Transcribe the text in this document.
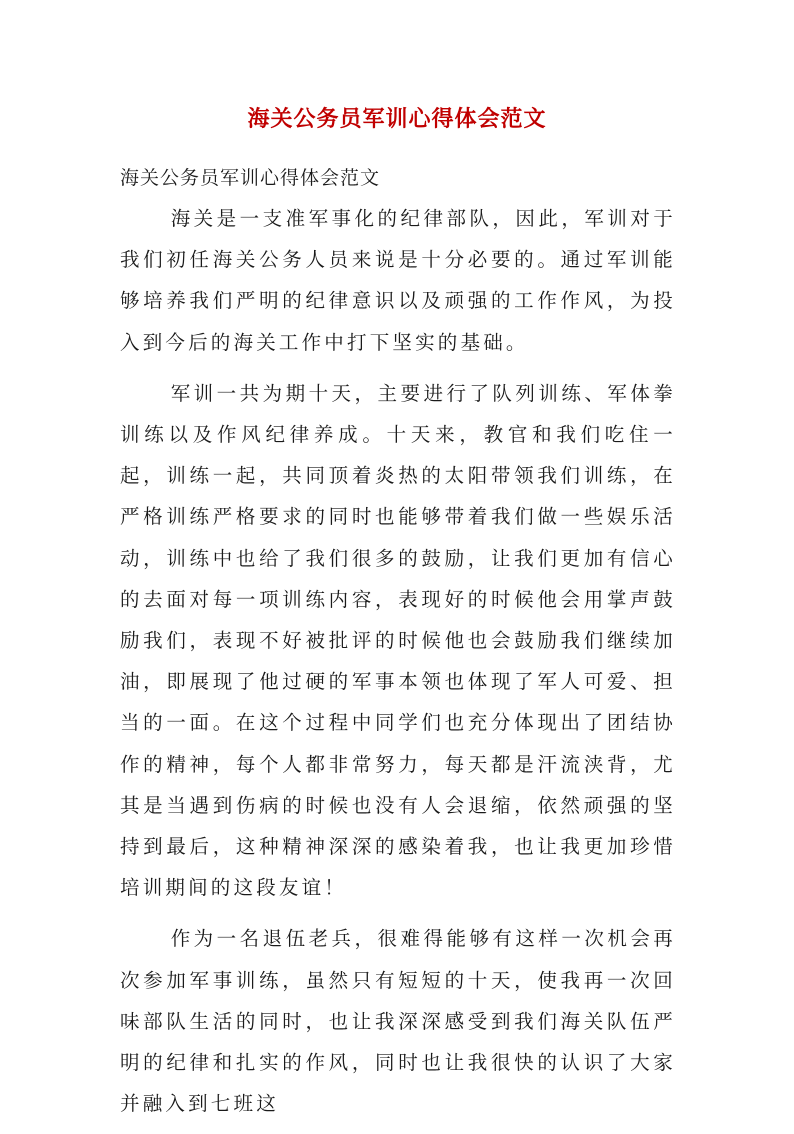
海关公务员军训心得体会范文

海关公务员军训心得体会范文

海关是一支准军事化的纪律部队，因此，军训对于我们初任海关公务人员来说是十分必要的。通过军训能够培养我们严明的纪律意识以及顽强的工作作风，为投入到今后的海关工作中打下坚实的基础。

军训一共为期十天，主要进行了队列训练、军体拳训练以及作风纪律养成。十天来，教官和我们吃住一起，训练一起，共同顶着炎热的太阳带领我们训练，在严格训练严格要求的同时也能够带着我们做一些娱乐活动，训练中也给了我们很多的鼓励，让我们更加有信心的去面对每一项训练内容，表现好的时候他会用掌声鼓励我们，表现不好被批评的时候他也会鼓励我们继续加油，即展现了他过硬的军事本领也体现了军人可爱、担当的一面。在这个过程中同学们也充分体现出了团结协作的精神，每个人都非常努力，每天都是汗流浃背，尤其是当遇到伤病的时候也没有人会退缩，依然顽强的坚持到最后，这种精神深深的感染着我，也让我更加珍惜培训期间的这段友谊！

作为一名退伍老兵，很难得能够有这样一次机会再次参加军事训练，虽然只有短短的十天，使我再一次回味部队生活的同时，也让我深深感受到我们海关队伍严明的纪律和扎实的作风，同时也让我很快的认识了大家并融入到七班这
